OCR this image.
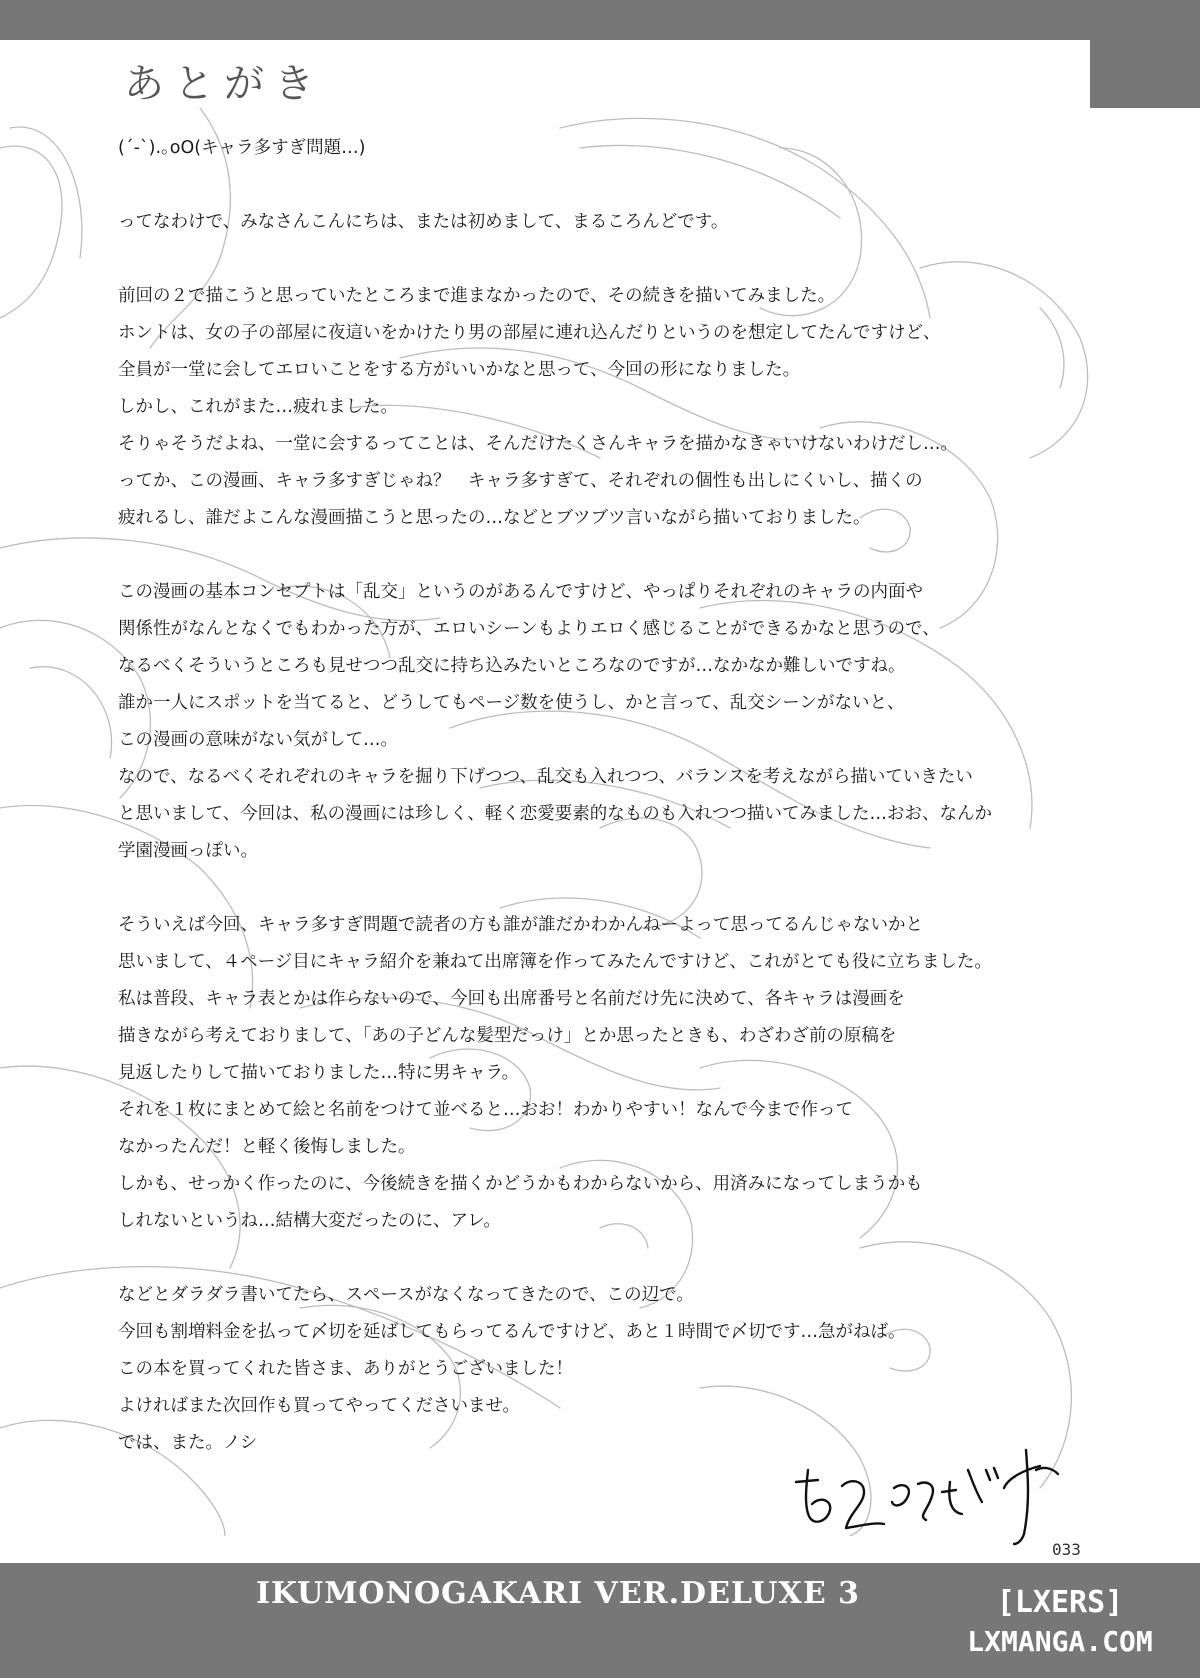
あとがき
(´-`).｡oO(キャラ多すぎ問題…)
ってなわけで、みなさんこんにちは、または初めまして、まるころんどです。
前回の２で描こうと思っていたところまで進まなかったので、その続きを描いてみました。
ホントは、女の子の部屋に夜這いをかけたり男の部屋に連れ込んだりというのを想定してたんですけど、
全員が一堂に会してエロいことをする方がいいかなと思って、今回の形になりました。
しかし、これがまた…疲れました。
そりゃそうだよね、一堂に会するってことは、そんだけたくさんキャラを描かなきゃいけないわけだし…。
ってか、この漫画、キャラ多すぎじゃね？　キャラ多すぎて、それぞれの個性も出しにくいし、描くの
疲れるし、誰だよこんな漫画描こうと思ったの…などとブツブツ言いながら描いておりました。
この漫画の基本コンセプトは「乱交」というのがあるんですけど、やっぱりそれぞれのキャラの内面や
関係性がなんとなくでもわかった方が、エロいシーンもよりエロく感じることができるかなと思うので、
なるべくそういうところも見せつつ乱交に持ち込みたいところなのですが…なかなか難しいですね。
誰か一人にスポットを当てると、どうしてもページ数を使うし、かと言って、乱交シーンがないと、
この漫画の意味がない気がして…。
なので、なるべくそれぞれのキャラを掘り下げつつ、乱交も入れつつ、バランスを考えながら描いていきたい
と思いまして、今回は、私の漫画には珍しく、軽く恋愛要素的なものも入れつつ描いてみました…おお、なんか
学園漫画っぽい。
そういえば今回、キャラ多すぎ問題で読者の方も誰が誰だかわかんねーよって思ってるんじゃないかと
思いまして、４ページ目にキャラ紹介を兼ねて出席簿を作ってみたんですけど、これがとても役に立ちました。
私は普段、キャラ表とかは作らないので、今回も出席番号と名前だけ先に決めて、各キャラは漫画を
描きながら考えておりまして、「あの子どんな髪型だっけ」とか思ったときも、わざわざ前の原稿を
見返したりして描いておりました…特に男キャラ。
それを１枚にまとめて絵と名前をつけて並べると…おお！わかりやすい！なんで今まで作って
なかったんだ！と軽く後悔しました。
しかも、せっかく作ったのに、今後続きを描くかどうかもわからないから、用済みになってしまうかも
しれないというね…結構大変だったのに、アレ。
などとダラダラ書いてたら、スペースがなくなってきたので、この辺で。
今回も割増料金を払って〆切を延ばしてもらってるんですけど、あと１時間で〆切です…急がねば。
この本を買ってくれた皆さま、ありがとうございました！
よければまた次回作も買ってやってくださいませ。
では、また。ノシ
033
IKUMONOGAKARI VER.DELUXE 3	[LXERS]
LXMANGA.COM
